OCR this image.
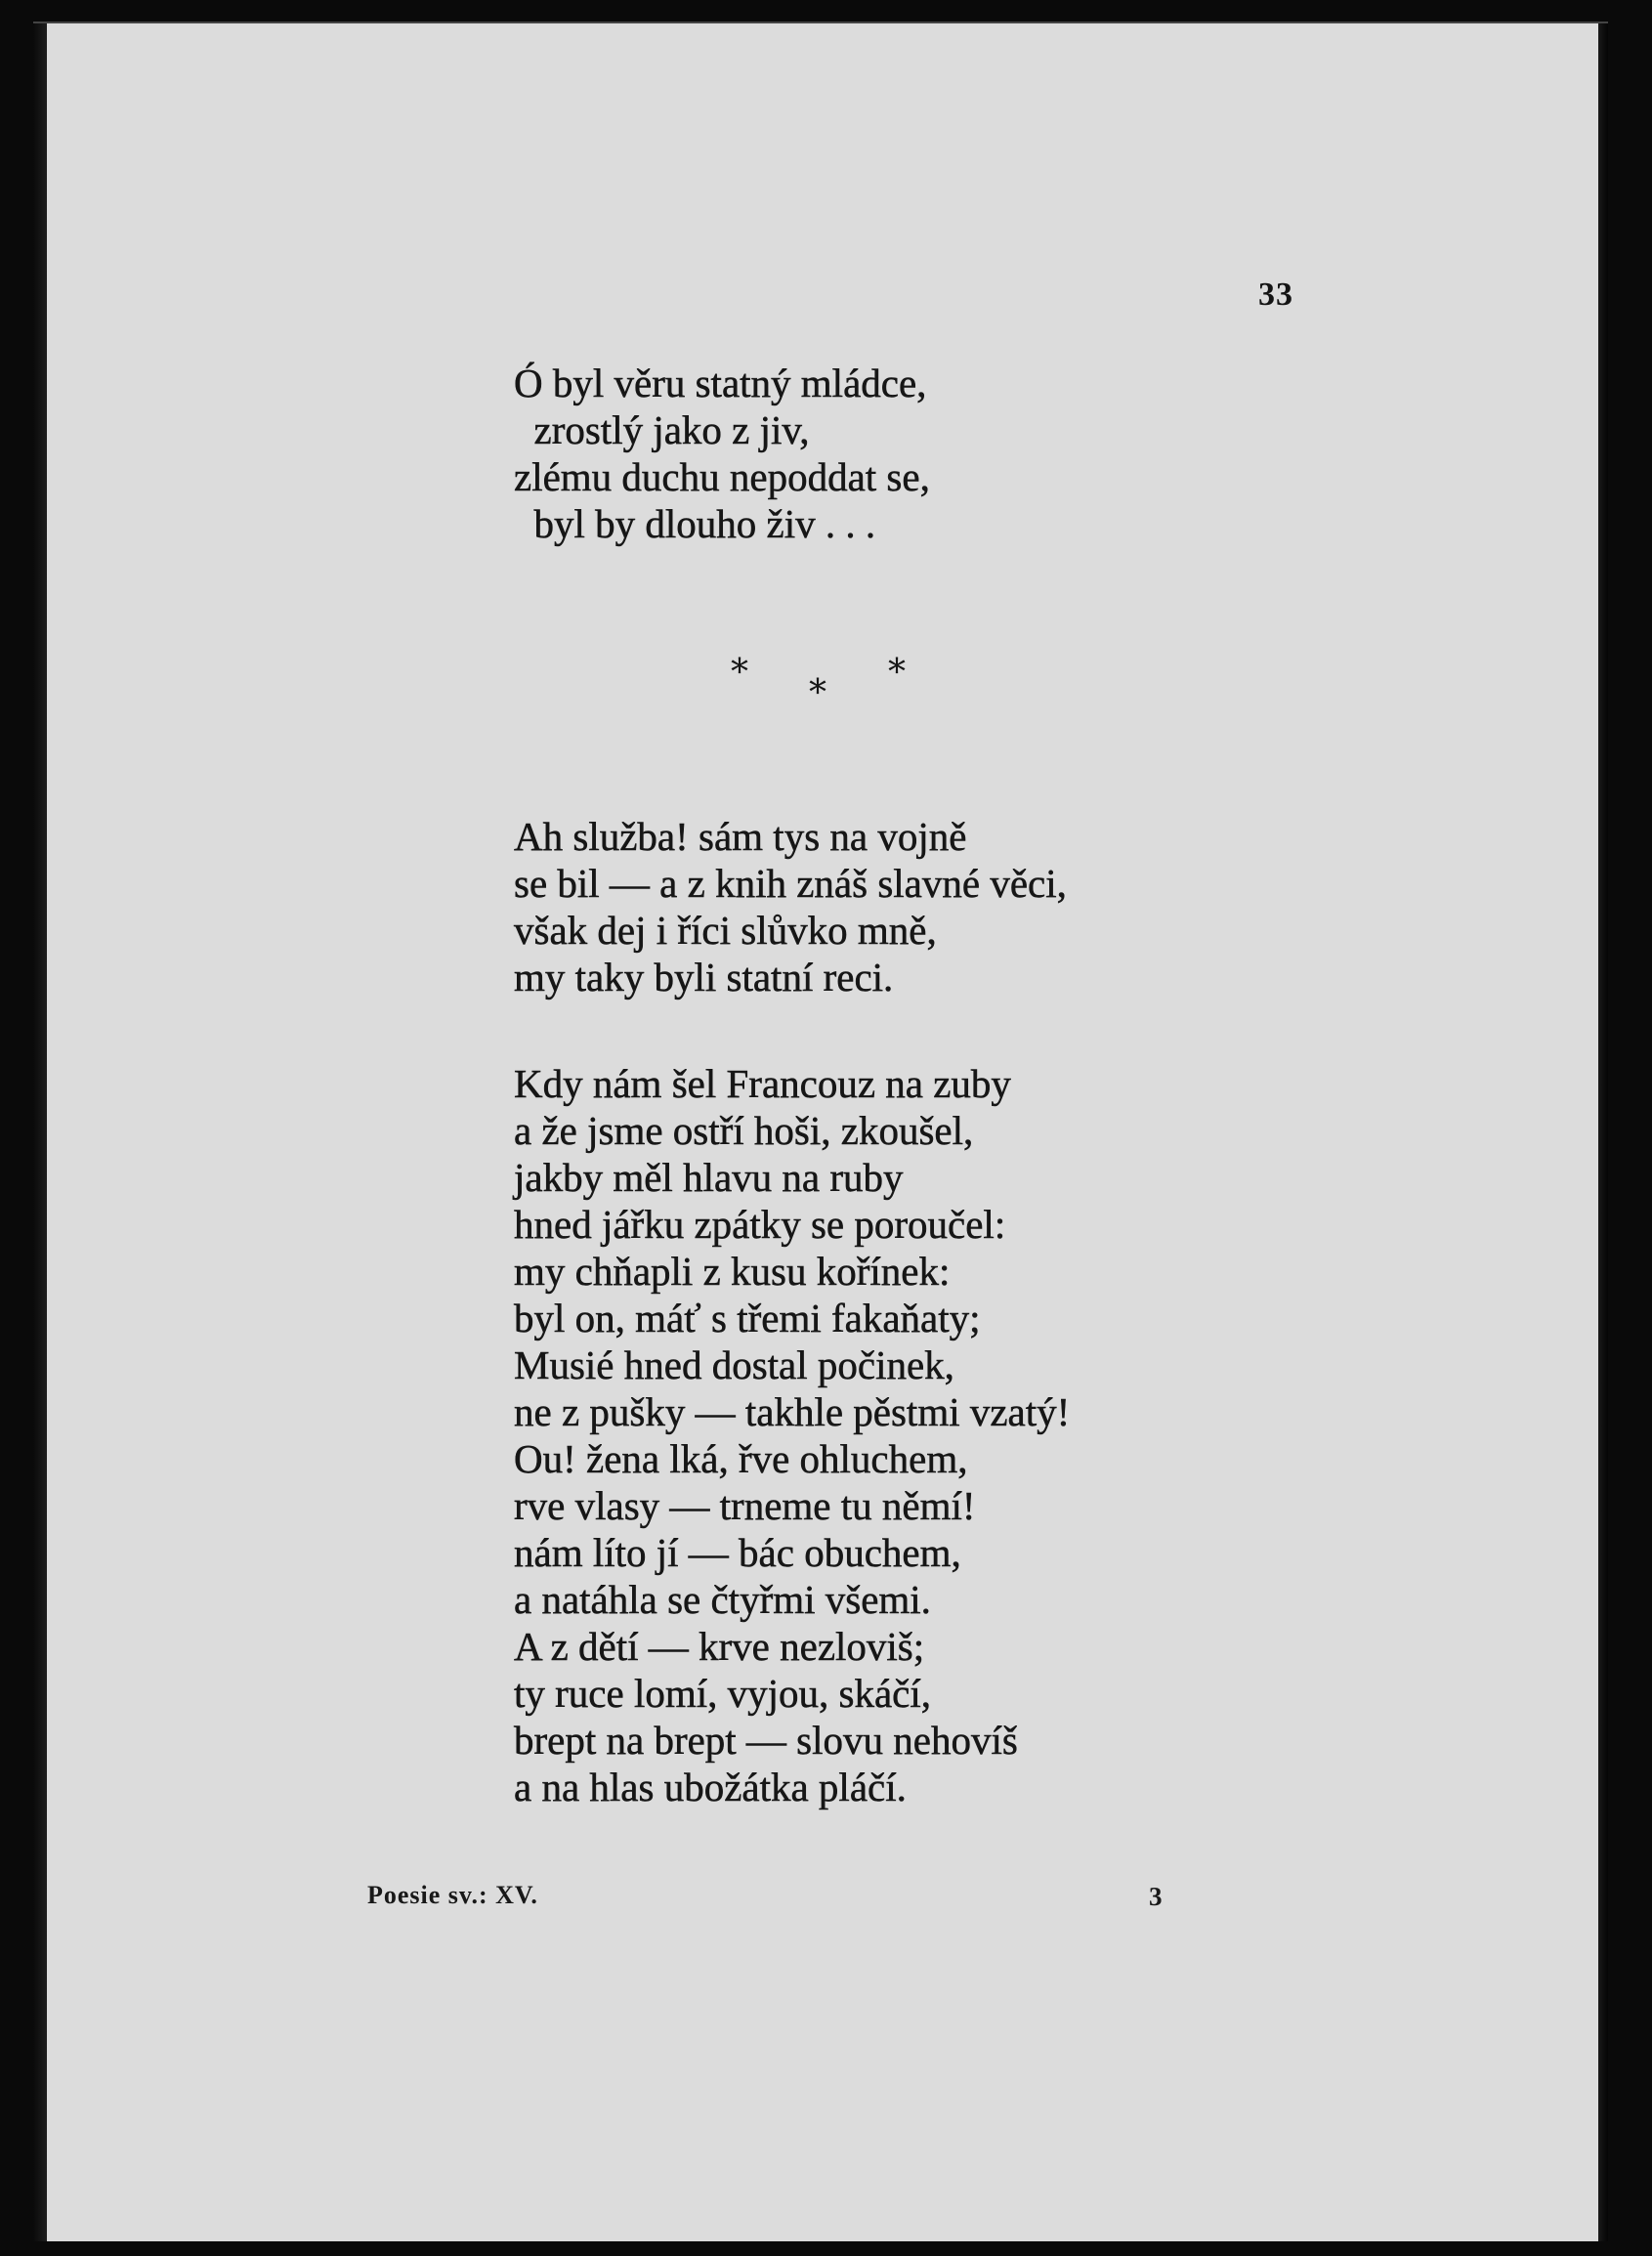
33
Ó byl věru statný mládce,
zrostlý jako z jiv,
zlému duchu nepoddat se,
byl by dlouho živ . . .
*
*
*
Ah služba! sám tys na vojně
se bil — a z knih znáš slavné věci,
však dej i říci slůvko mně,
my taky byli statní reci.
Kdy nám šel Francouz na zuby
a že jsme ostří hoši, zkoušel,
jakby měl hlavu na ruby
hned jářku zpátky se poroučel:
my chňapli z kusu kořínek:
byl on, máť s třemi fakaňaty;
Musié hned dostal počinek,
ne z pušky — takhle pěstmi vzatý!
Ou! žena lká, řve ohluchem,
rve vlasy — trneme tu němí!
nám líto jí — bác obuchem,
a natáhla se čtyřmi všemi.
A z dětí — krve nezloviš;
ty ruce lomí, vyjou, skáčí,
brept na brept — slovu nehovíš
a na hlas ubožátka pláčí.
Poesie sv.: XV.	3
